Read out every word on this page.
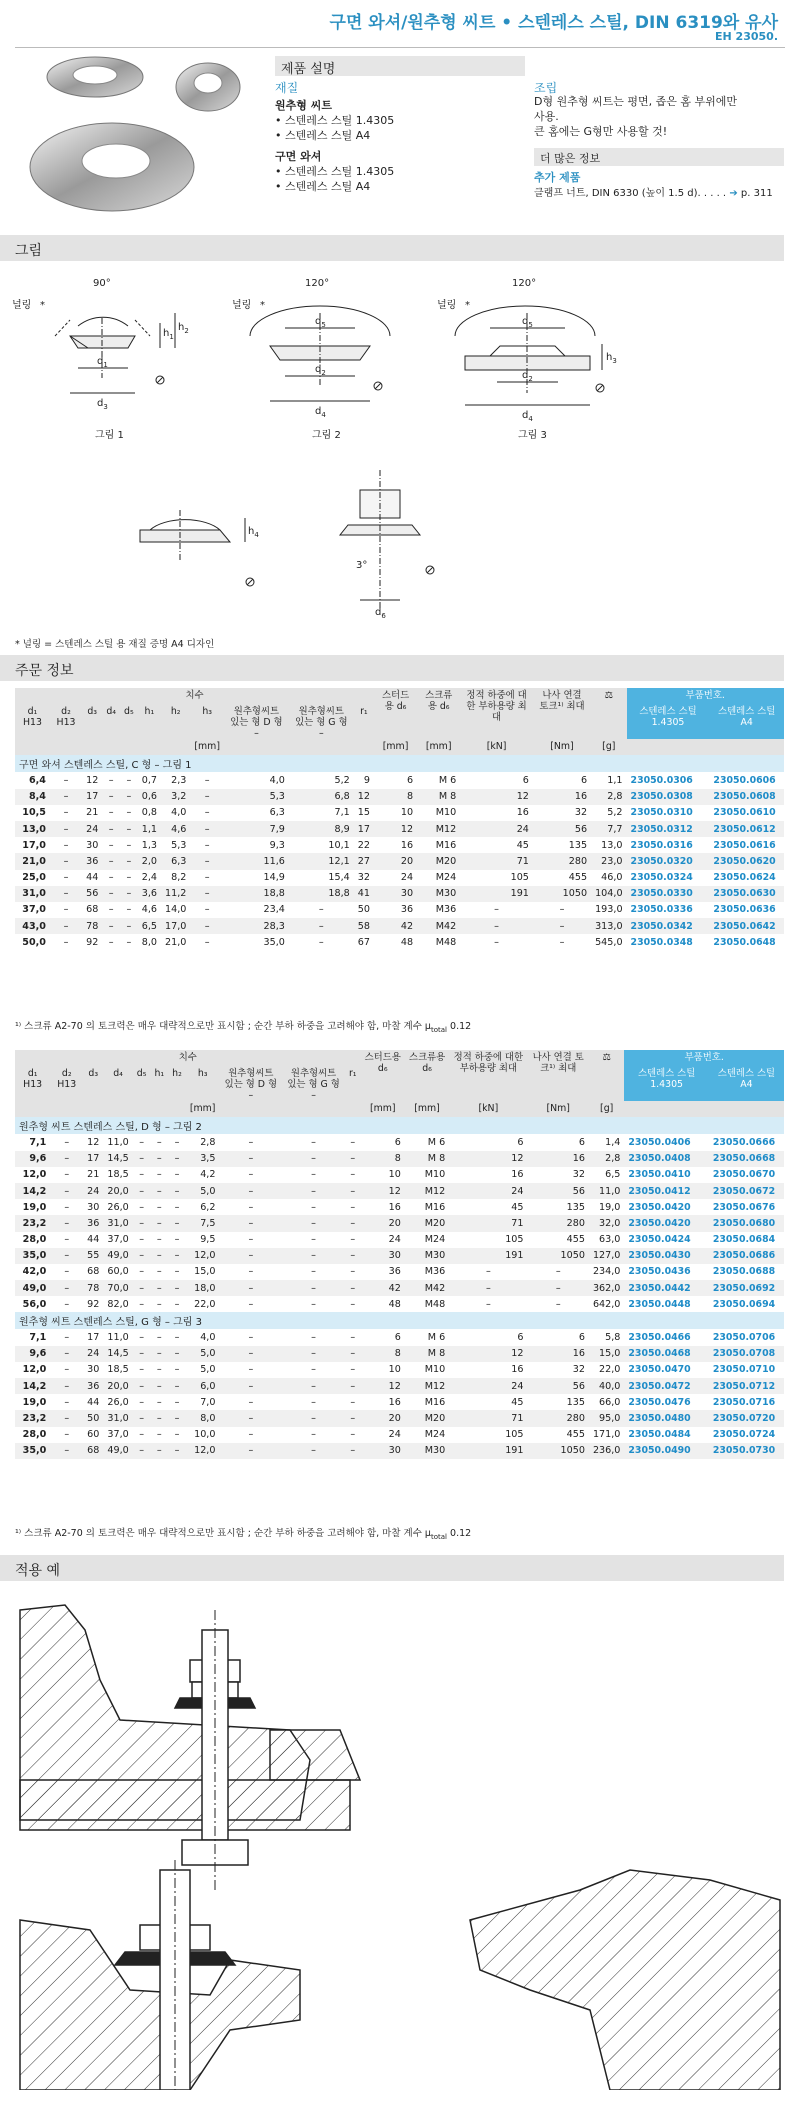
구면 와셔/원추형 씨트 • 스텐레스 스틸, DIN 6319와 유사
EH 23050.
제품 설명
재질
원추형 씨트
• 스텐레스 스틸 1.4305
• 스텐레스 스틸 A4

구면 와셔
• 스텐레스 스틸 1.4305
• 스텐레스 스틸 A4
조립
D형 원추형 씨트는 평면, 좁은 홈 부위에만
사용.
큰 홈에는 G형만 사용할 것!
더 많은 정보
추가 제품
클램프 너트, DIN 6330 (높이 1.5 d). . . . . ➔ p. 311
그림
90°	120°	120°
널링	널링	널링
*	*	*
$d_1$
$d_3$
$d_5$
$d_2$
$d_4$
$d_5$
$d_2$
$d_4$
$h_1$
$h_2$
$h_3$
그림 1	그림 2	그림 3
$h_4$
3°
$d_6$
* 널링 = 스텐레스 스틸 용 재질 증명 A4 디자인
주문 정보
치수											스터드용 d₆	스크류용 d₆	정적 하중에 대한 부하용량 최대	나사 연결 토크¹⁾ 최대	⚖	부품번호.	
d₁ H13	d₂ H13	d₃	d₄	d₅	h₁	h₂	h₃	원추형씨트 있는 형 D 형 –	원추형씨트 있는 형 G 형 –	r₁						스텐레스 스틸 1.4305	스텐레스 스틸 A4
							[mm]				[mm]	[mm]	[kN]	[Nm]	[g]		
구면 와셔 스텐레스 스틸, C 형 – 그림 1																	
6,4	–	12	–	–	0,7	2,3	–	4,0	5,2	9	6	M 6	6	6	1,1	23050.0306	23050.0606
8,4	–	17	–	–	0,6	3,2	–	5,3	6,8	12	8	M 8	12	16	2,8	23050.0308	23050.0608
10,5	–	21	–	–	0,8	4,0	–	6,3	7,1	15	10	M10	16	32	5,2	23050.0310	23050.0610
13,0	–	24	–	–	1,1	4,6	–	7,9	8,9	17	12	M12	24	56	7,7	23050.0312	23050.0612
17,0	–	30	–	–	1,3	5,3	–	9,3	10,1	22	16	M16	45	135	13,0	23050.0316	23050.0616
21,0	–	36	–	–	2,0	6,3	–	11,6	12,1	27	20	M20	71	280	23,0	23050.0320	23050.0620
25,0	–	44	–	–	2,4	8,2	–	14,9	15,4	32	24	M24	105	455	46,0	23050.0324	23050.0624
31,0	–	56	–	–	3,6	11,2	–	18,8	18,8	41	30	M30	191	1050	104,0	23050.0330	23050.0630
37,0	–	68	–	–	4,6	14,0	–	23,4	–	50	36	M36	–	–	193,0	23050.0336	23050.0636
43,0	–	78	–	–	6,5	17,0	–	28,3	–	58	42	M42	–	–	313,0	23050.0342	23050.0642
50,0	–	92	–	–	8,0	21,0	–	35,0	–	67	48	M48	–	–	545,0	23050.0348	23050.0648
¹⁾ 스크류 A2-70 의 토크력은 매우 대략적으로만 표시함 ; 순간 부하 하중을 고려해야 함, 마찰 계수 $\mu_{total}$ 0.12
치수											스터드용 d₆	스크류용 d₆	정적 하중에 대한 부하용량 최대	나사 연결 토크¹⁾ 최대	⚖	부품번호.	
d₁ H13	d₂ H13	d₃	d₄	d₅	h₁	h₂	h₃	원추형씨트 있는 형 D 형 –	원추형씨트 있는 형 G 형 –	r₁						스텐레스 스틸 1.4305	스텐레스 스틸 A4
							[mm]				[mm]	[mm]	[kN]	[Nm]	[g]		
원추형 씨트 스텐레스 스틸, D 형 – 그림 2																	
7,1	–	12	11,0	–	–	–	2,8	–	–	–	6	M 6	6	6	1,4	23050.0406	23050.0666
9,6	–	17	14,5	–	–	–	3,5	–	–	–	8	M 8	12	16	2,8	23050.0408	23050.0668
12,0	–	21	18,5	–	–	–	4,2	–	–	–	10	M10	16	32	6,5	23050.0410	23050.0670
14,2	–	24	20,0	–	–	–	5,0	–	–	–	12	M12	24	56	11,0	23050.0412	23050.0672
19,0	–	30	26,0	–	–	–	6,2	–	–	–	16	M16	45	135	19,0	23050.0420	23050.0676
23,2	–	36	31,0	–	–	–	7,5	–	–	–	20	M20	71	280	32,0	23050.0420	23050.0680
28,0	–	44	37,0	–	–	–	9,5	–	–	–	24	M24	105	455	63,0	23050.0424	23050.0684
35,0	–	55	49,0	–	–	–	12,0	–	–	–	30	M30	191	1050	127,0	23050.0430	23050.0686
42,0	–	68	60,0	–	–	–	15,0	–	–	–	36	M36	–	–	234,0	23050.0436	23050.0688
49,0	–	78	70,0	–	–	–	18,0	–	–	–	42	M42	–	–	362,0	23050.0442	23050.0692
56,0	–	92	82,0	–	–	–	22,0	–	–	–	48	M48	–	–	642,0	23050.0448	23050.0694
원추형 씨트 스텐레스 스틸, G 형 – 그림 3																	
7,1	–	17	11,0	–	–	–	4,0	–	–	–	6	M 6	6	6	5,8	23050.0466	23050.0706
9,6	–	24	14,5	–	–	–	5,0	–	–	–	8	M 8	12	16	15,0	23050.0468	23050.0708
12,0	–	30	18,5	–	–	–	5,0	–	–	–	10	M10	16	32	22,0	23050.0470	23050.0710
14,2	–	36	20,0	–	–	–	6,0	–	–	–	12	M12	24	56	40,0	23050.0472	23050.0712
19,0	–	44	26,0	–	–	–	7,0	–	–	–	16	M16	45	135	66,0	23050.0476	23050.0716
23,2	–	50	31,0	–	–	–	8,0	–	–	–	20	M20	71	280	95,0	23050.0480	23050.0720
28,0	–	60	37,0	–	–	–	10,0	–	–	–	24	M24	105	455	171,0	23050.0484	23050.0724
35,0	–	68	49,0	–	–	–	12,0	–	–	–	30	M30	191	1050	236,0	23050.0490	23050.0730
¹⁾ 스크류 A2-70 의 토크력은 매우 대략적으로만 표시함 ; 순간 부하 하중을 고려해야 함, 마찰 계수 $\mu_{total}$ 0.12
적용 예
